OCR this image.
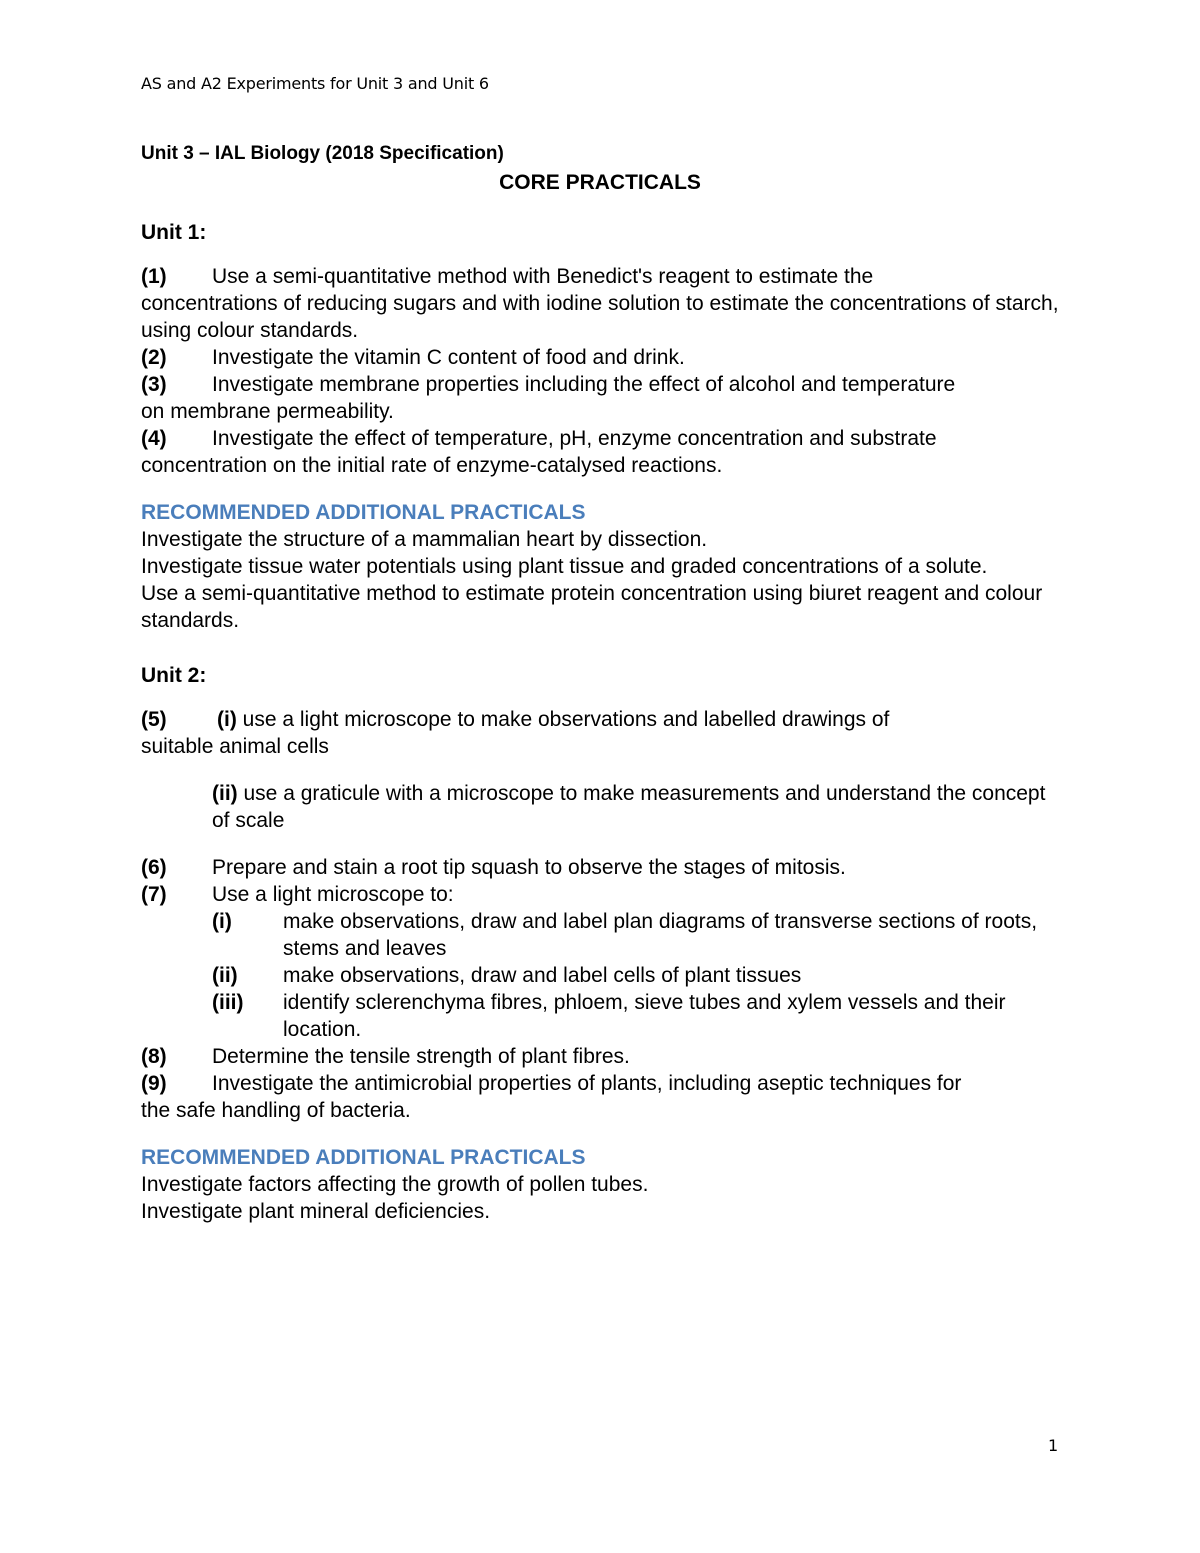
AS and A2 Experiments for Unit 3 and Unit 6

Unit 3 – IAL Biology (2018 Specification)

CORE PRACTICALS

Unit 1:

(1)	Use a semi-quantitative method with Benedict's reagent to estimate the
concentrations of reducing sugars and with iodine solution to estimate the concentrations of starch, using colour standards.
(2)	Investigate the vitamin C content of food and drink.
(3)	Investigate membrane properties including the effect of alcohol and temperature
on membrane permeability.
(4)	Investigate the effect of temperature, pH, enzyme concentration and substrate
concentration on the initial rate of enzyme-catalysed reactions.

RECOMMENDED ADDITIONAL PRACTICALS

Investigate the structure of a mammalian heart by dissection.

Investigate tissue water potentials using plant tissue and graded concentrations of a solute.

Use a semi-quantitative method to estimate protein concentration using biuret reagent and colour standards.

Unit 2:

(5)	(i) use a light microscope to make observations and labelled drawings of
suitable animal cells
(ii) use a graticule with a microscope to make measurements and understand the concept of scale
(6)	Prepare and stain a root tip squash to observe the stages of mitosis.
(7)	Use a light microscope to:
(i)	make observations, draw and label plan diagrams of transverse sections of roots, stems and leaves
(ii)	make observations, draw and label cells of plant tissues
(iii)	identify sclerenchyma fibres, phloem, sieve tubes and xylem vessels and their location.
(8)	Determine the tensile strength of plant fibres.
(9)	Investigate the antimicrobial properties of plants, including aseptic techniques for
the safe handling of bacteria.

RECOMMENDED ADDITIONAL PRACTICALS

Investigate factors affecting the growth of pollen tubes.

Investigate plant mineral deficiencies.

1
